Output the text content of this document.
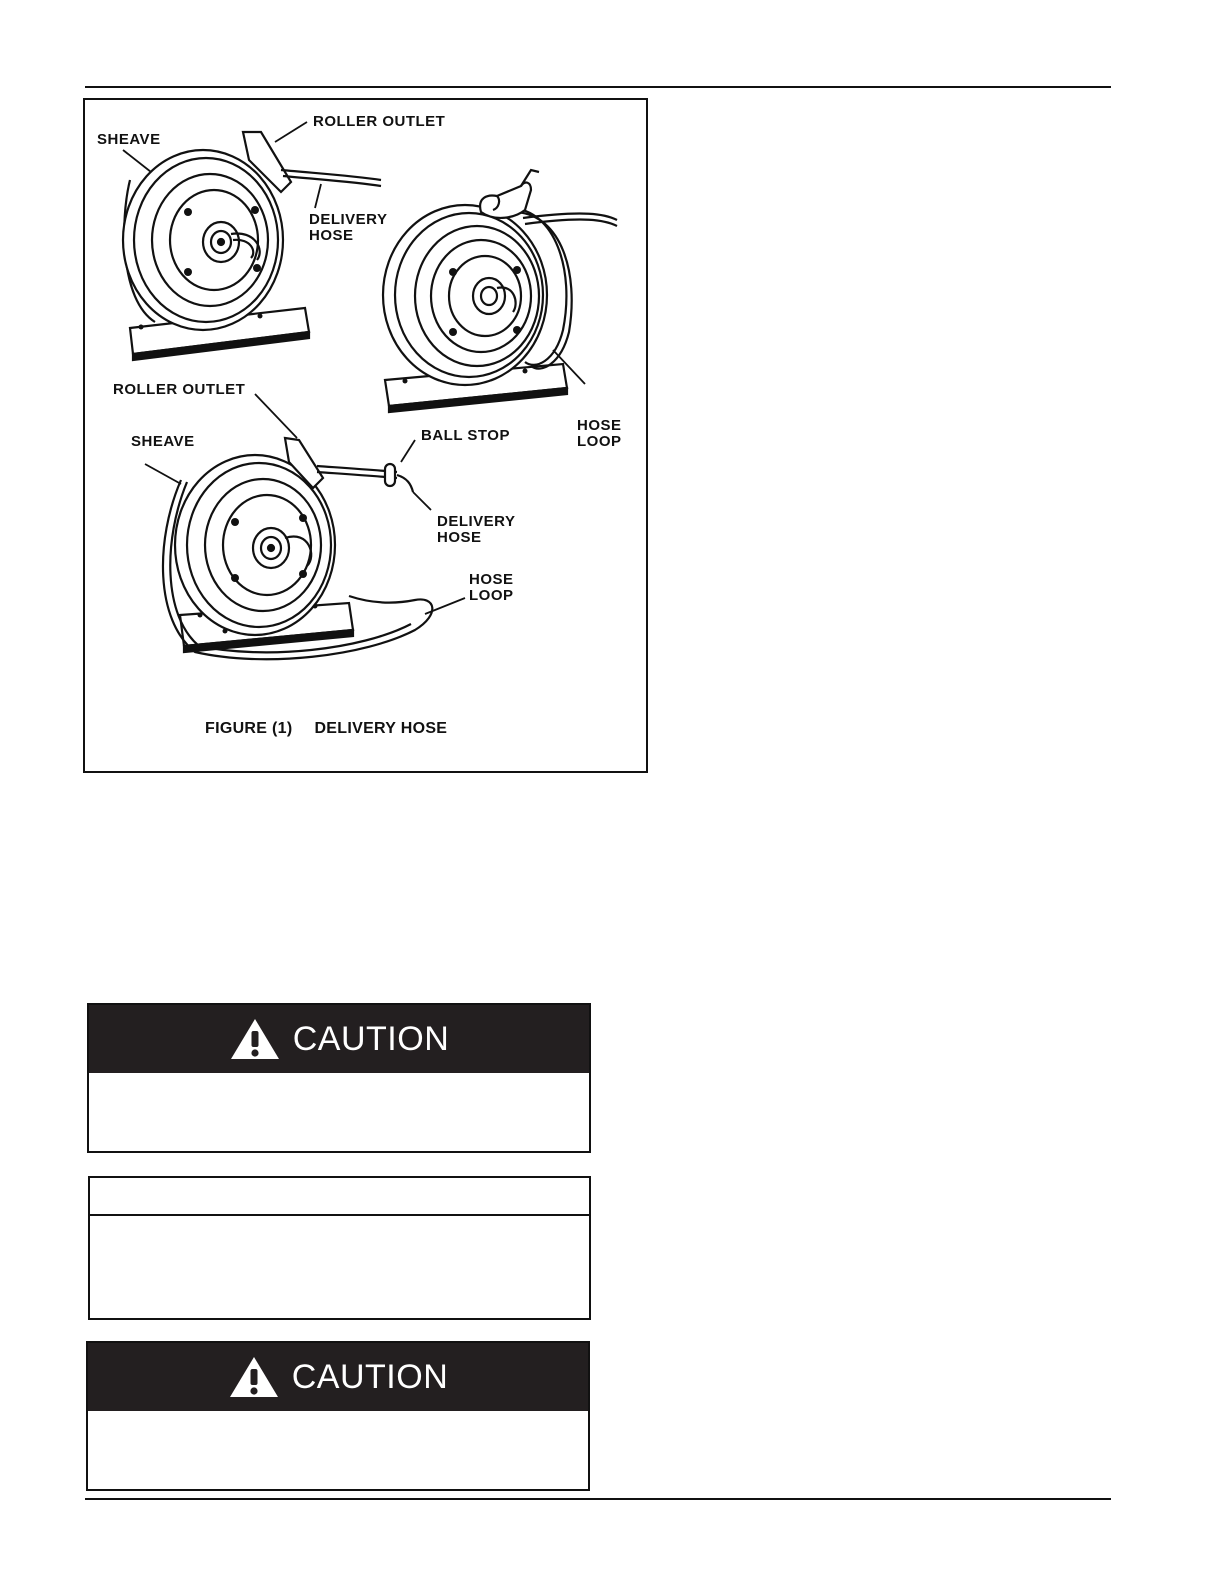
SHEAVE
ROLLER OUTLET
DELIVERY
HOSE
HOSE
LOOP
ROLLER OUTLET
SHEAVE	BALL STOP
DELIVERY
HOSE
HOSE
LOOP
FIGURE (1) DELIVERY HOSE
CAUTION
CAUTION
